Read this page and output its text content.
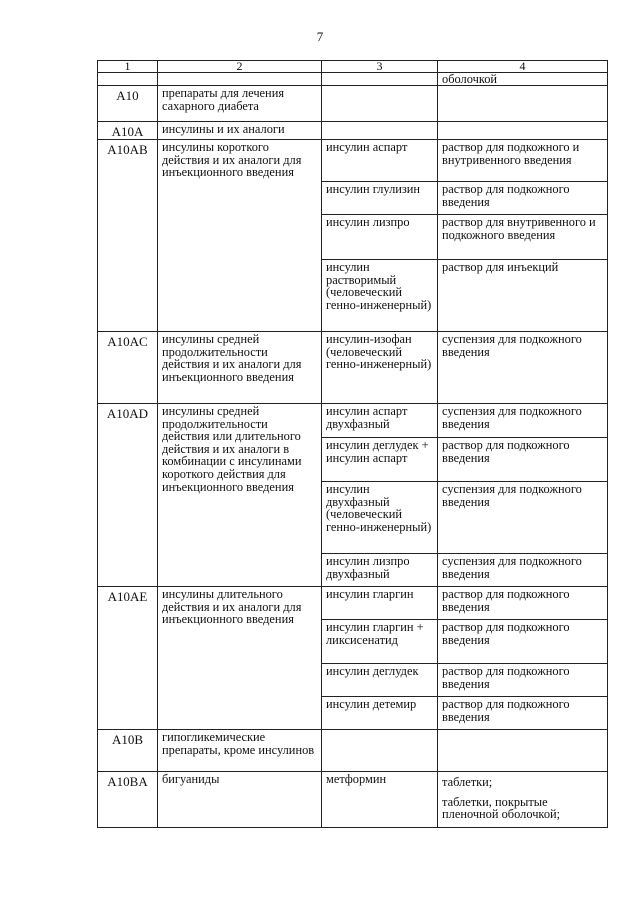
7
1	2	3	4
			оболочкой
A10	препараты для лечения сахарного диабета		
A10A	инсулины и их аналоги		
A10AB	инсулины короткого действия и их аналоги для инъекционного введения	инсулин аспарт	раствор для подкожного и внутривенного введения
		инсулин глулизин	раствор для подкожного введения
		инсулин лизпро	раствор для внутривенного и подкожного введения
		инсулин растворимый (человеческий генно-инженерный)	раствор для инъекций
A10AC	инсулины средней продолжительности действия и их аналоги для инъекционного введения	инсулин-изофан (человеческий генно-инженерный)	суспензия для подкожного введения
A10AD	инсулины средней продолжительности действия или длительного действия и их аналоги в комбинации с инсулинами короткого действия для инъекционного введения	инсулин аспарт двухфазный	суспензия для подкожного введения
		инсулин деглудек + инсулин аспарт	раствор для подкожного введения
		инсулин двухфазный (человеческий генно-инженерный)	суспензия для подкожного введения
		инсулин лизпро двухфазный	суспензия для подкожного введения
A10AE	инсулины длительного действия и их аналоги для инъекционного введения	инсулин гларгин	раствор для подкожного введения
		инсулин гларгин + ликсисенатид	раствор для подкожного введения
		инсулин деглудек	раствор для подкожного введения
		инсулин детемир	раствор для подкожного введения
A10B	гипогликемические препараты, кроме инсулинов		
A10BA	бигуаниды	метформин	таблетки;
таблетки, покрытые пленочной оболочкой;
